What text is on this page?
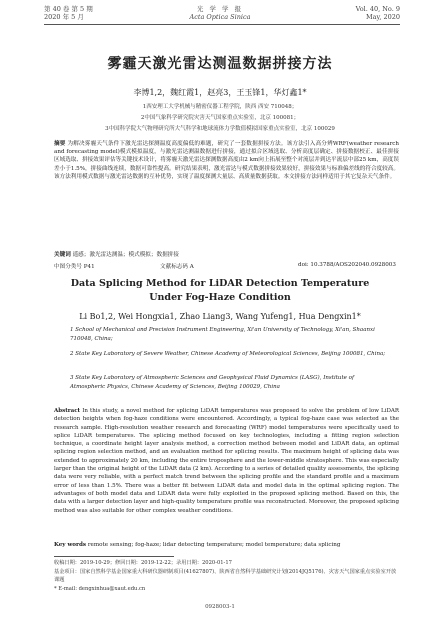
第 40 卷 第 5 期
2020 年 5 月
光 学 学 报
Acta Optica Sinica
Vol. 40, No. 9
May, 2020
雾霾天激光雷达测温数据拼接方法
李博1,2，魏红霞1，赵亮3，王玉锋1，华灯鑫1*
1西安理工大学机械与精密仪器工程学院，陕西 西安 710048；
2中国气象科学研究院灾害天气国家重点实验室，北京 100081；
3中国科学院大气物理研究所大气科学和地球流体力学数值模拟国家重点实验室，北京 100029
摘要 为解决雾霾天气条件下激光雷达探测温度高度偏低的难题，研究了一套数据拼接方法。该方法引入高分辨WRF(weather research and forecasting model)模式模拟温度，与激光雷达测温数据进行拼接，通过拟合区域选取、分析高度层确定、拼接数据校正、最佳拼接区域选取、拼接效果评估等关键技术设计，将雾霾天激光雷达探测数据高度由2 km向上拓展至整个对流层并到达平流层中部25 km，高度误差小于1.5%，拼接曲线连续，数据可靠性提高。研究结果表明，激光雷达与模式数据拼接效果较好，拼接效果与标准偏差线的符合度较高。该方法利用模式数据与激光雷达数据的互补优势，实现了温度探测大量层、高质量数据获取。本文拼接方法同样适用于其它复杂天气条件。
关键词 遥感；激光雷达测温；模式模拟；数据拼接
中图分类号 P41	文献标志码 A	doi: 10.3788/AOS202040.0928003
Data Splicing Method for LiDAR Detection Temperature
Under Fog-Haze Condition
Li Bo1,2, Wei Hongxia1, Zhao Liang3, Wang Yufeng1, Hua Dengxin1*
1 School of Mechanical and Precision Instrument Engineering, Xi'an University of Technology, Xi'an, Shaanxi 710048, China;
2 State Key Laboratory of Severe Weather, Chinese Academy of Meteorological Sciences, Beijing 100081, China;
3 State Key Laboratory of Atmospheric Sciences and Geophysical Fluid Dynamics (LASG), Institute of Atmospheric Physics, Chinese Academy of Sciences, Beijing 100029, China
Abstract In this study, a novel method for splicing LiDAR temperatures was proposed to solve the problem of low LiDAR detection heights when fog-haze conditions were encountered. Accordingly, a typical fog-haze case was selected as the research sample. High-resolution weather research and forecasting (WRF) model temperatures were specifically used to splice LiDAR temperatures. The splicing method focused on key technologies, including a fitting region selection technique, a coordinate height layer analysis method, a correction method between model and LiDAR data, an optimal splicing region selection method, and an evaluation method for splicing results. The maximum height of splicing data was extended to approximately 20 km, including the entire troposphere and the lower-middle stratosphere. This was especially larger than the original height of the LiDAR data (2 km). According to a series of detailed quality assessments, the splicing data were very reliable, with a perfect match trend between the splicing profile and the standard profile and a maximum error of less than 1.5%. There was a better fit between LiDAR data and model data in the optimal splicing region. The advantages of both model data and LiDAR data were fully exploited in the proposed splicing method. Based on this, the data with a larger detection layer and high-quality temperature profile was reconstructed. Moreover, the proposed splicing method was also suitable for other complex weather conditions.
Key words remote sensing; fog-haze; lidar detecting temperature; model temperature; data splicing
收稿日期：2019-10-29；修回日期：2019-12-22；录用日期：2020-01-17
基金项目：国家自然科学基金国家重大科研仪器研制项目(41627807)、陕西省自然科学基础研究计划(2014JQ5176)、灾害天气国家重点实验室开放课题
* E-mail: dengxinhua@xaut.edu.cn
0928003-1
